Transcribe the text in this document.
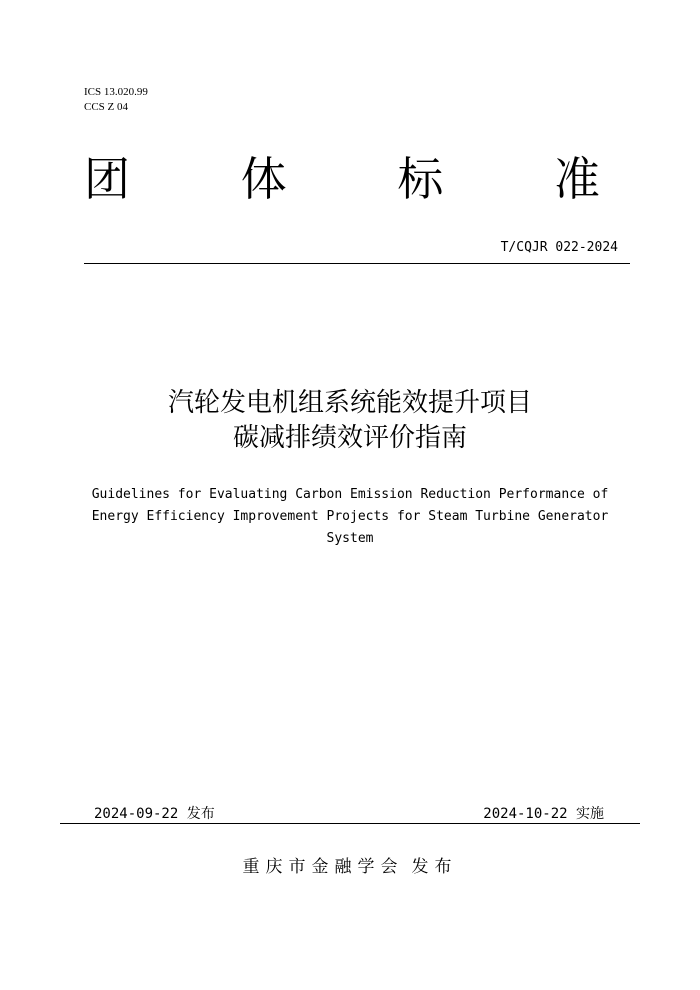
ICS 13.020.99
CCS Z 04
团 体 标 准
T/CQJR 022-2024
汽轮发电机组系统能效提升项目
碳减排绩效评价指南
Guidelines for Evaluating Carbon Emission Reduction Performance of
Energy Efficiency Improvement Projects for Steam Turbine Generator
System
2024-09-22 发布	2024-10-22 实施
重庆市金融学会 发布
